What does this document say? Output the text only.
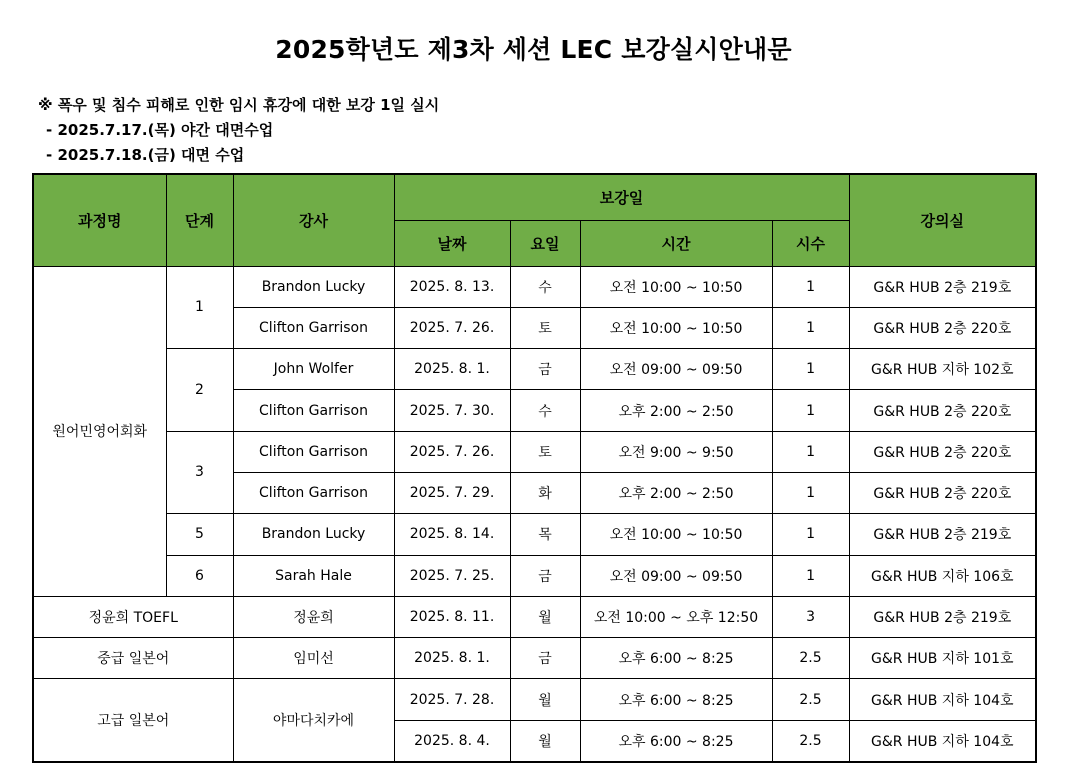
2025학년도 제3차 세션 LEC 보강실시안내문
※ 폭우 및 침수 피해로 인한 임시 휴강에 대한 보강 1일 실시
- 2025.7.17.(목) 야간 대면수업
- 2025.7.18.(금) 대면 수업
과정명	단계	강사	보강일				강의실
			날짜	요일	시간	시수	
원어민영어회화	1	Brandon Lucky	2025. 8. 13.	수	오전 10:00 ~ 10:50	1	G&R HUB 2층 219호
		Clifton Garrison	2025. 7. 26.	토	오전 10:00 ~ 10:50	1	G&R HUB 2층 220호
	2	John Wolfer	2025. 8. 1.	금	오전 09:00 ~ 09:50	1	G&R HUB 지하 102호
		Clifton Garrison	2025. 7. 30.	수	오후 2:00 ~ 2:50	1	G&R HUB 2층 220호
	3	Clifton Garrison	2025. 7. 26.	토	오전 9:00 ~ 9:50	1	G&R HUB 2층 220호
		Clifton Garrison	2025. 7. 29.	화	오후 2:00 ~ 2:50	1	G&R HUB 2층 220호
	5	Brandon Lucky	2025. 8. 14.	목	오전 10:00 ~ 10:50	1	G&R HUB 2층 219호
	6	Sarah Hale	2025. 7. 25.	금	오전 09:00 ~ 09:50	1	G&R HUB 지하 106호
정윤희 TOEFL		정윤희	2025. 8. 11.	월	오전 10:00 ~ 오후 12:50	3	G&R HUB 2층 219호
중급 일본어		임미선	2025. 8. 1.	금	오후 6:00 ~ 8:25	2.5	G&R HUB 지하 101호
고급 일본어		야마다치카에	2025. 7. 28.	월	오후 6:00 ~ 8:25	2.5	G&R HUB 지하 104호
			2025. 8. 4.	월	오후 6:00 ~ 8:25	2.5	G&R HUB 지하 104호
